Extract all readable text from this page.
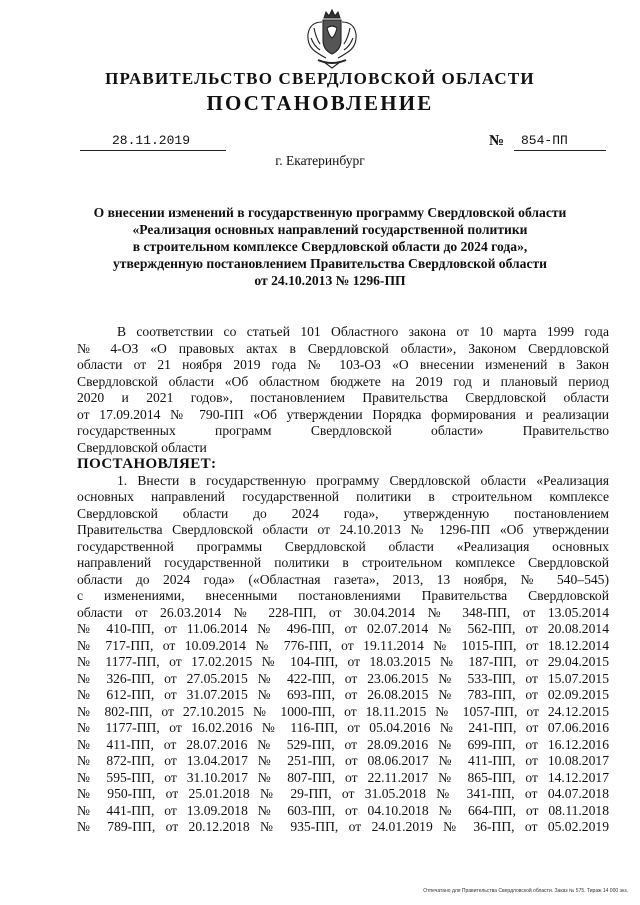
ПРАВИТЕЛЬСТВО СВЕРДЛОВСКОЙ ОБЛАСТИ
ПОСТАНОВЛЕНИЕ
28.11.2019	№ 854-ПП
г. Екатеринбург
О внесении изменений в государственную программу Свердловской области
«Реализация основных направлений государственной политики
в строительном комплексе Свердловской области до 2024 года»,
утвержденную постановлением Правительства Свердловской области
от 24.10.2013 № 1296-ПП
В соответствии со статьей 101 Областного закона от 10 марта 1999 года
№ 4-ОЗ «О правовых актах в Свердловской области», Законом Свердловской
области от 21 ноября 2019 года № 103-ОЗ «О внесении изменений в Закон
Свердловской области «Об областном бюджете на 2019 год и плановый период
2020 и 2021 годов», постановлением Правительства Свердловской области
от 17.09.2014 № 790-ПП «Об утверждении Порядка формирования и реализации
государственных программ Свердловской области» Правительство
Свердловской области
ПОСТАНОВЛЯЕТ:
1. Внести в государственную программу Свердловской области «Реализация
основных направлений государственной политики в строительном комплексе
Свердловской области до 2024 года», утвержденную постановлением
Правительства Свердловской области от 24.10.2013 № 1296-ПП «Об утверждении
государственной программы Свердловской области «Реализация основных
направлений государственной политики в строительном комплексе Свердловской
области до 2024 года» («Областная газета», 2013, 13 ноября, № 540–545)
с изменениями, внесенными постановлениями Правительства Свердловской
области от 26.03.2014 № 228-ПП, от 30.04.2014 № 348-ПП, от 13.05.2014
№ 410-ПП, от 11.06.2014 № 496-ПП, от 02.07.2014 № 562-ПП, от 20.08.2014
№ 717-ПП, от 10.09.2014 № 776-ПП, от 19.11.2014 № 1015-ПП, от 18.12.2014
№ 1177-ПП, от 17.02.2015 № 104-ПП, от 18.03.2015 № 187-ПП, от 29.04.2015
№ 326-ПП, от 27.05.2015 № 422-ПП, от 23.06.2015 № 533-ПП, от 15.07.2015
№ 612-ПП, от 31.07.2015 № 693-ПП, от 26.08.2015 № 783-ПП, от 02.09.2015
№ 802-ПП, от 27.10.2015 № 1000-ПП, от 18.11.2015 № 1057-ПП, от 24.12.2015
№ 1177-ПП, от 16.02.2016 № 116-ПП, от 05.04.2016 № 241-ПП, от 07.06.2016
№ 411-ПП, от 28.07.2016 № 529-ПП, от 28.09.2016 № 699-ПП, от 16.12.2016
№ 872-ПП, от 13.04.2017 № 251-ПП, от 08.06.2017 № 411-ПП, от 10.08.2017
№ 595-ПП, от 31.10.2017 № 807-ПП, от 22.11.2017 № 865-ПП, от 14.12.2017
№ 950-ПП, от 25.01.2018 № 29-ПП, от 31.05.2018 № 341-ПП, от 04.07.2018
№ 441-ПП, от 13.09.2018 № 603-ПП, от 04.10.2018 № 664-ПП, от 08.11.2018
№ 789-ПП, от 20.12.2018 № 935-ПП, от 24.01.2019 № 36-ПП, от 05.02.2019
Отпечатано для Правительства Свердловской области. Заказ № 575. Тираж 14 000 экз.
